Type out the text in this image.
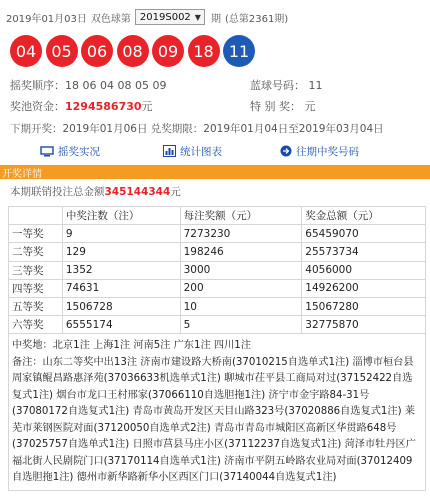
2019年01月03日 双色球第 2019S002 ▼ 期 (总第2361期)
04 05 06 08 09 18 11
摇奖顺序： 18 06 04 08 05 09	蓝球号码： 11
奖池资金： 1294586730 元	特 别 奖： 元
下期开奖：2019年01月06日 兑奖期限：2019年01月04日至2019年03月04日
摇奖实况	统计图表	往期中奖号码
开奖详情
本期联销投注总金额345144344元
	中奖注数（注）	每注奖额（元）	奖金总额（元）
一等奖	9	7273230	65459070
二等奖	129	198246	25573734
三等奖	1352	3000	4056000
四等奖	74631	200	14926200
五等奖	1506728	10	15067280
六等奖	6555174	5	32775870

中奖地：北京1注 上海1注 河南5注 广东1注 四川1注
备注：山东二等奖中出13注 济南市建设路大桥南(37010215自选单式1注) 淄博市桓台县周家镇鲲昌路惠泽苑(37036633机选单式1注) 聊城市茌平县工商局对过(37152422自选复式1注) 烟台市龙口王村邢家(37066110自选胆拖1注) 济宁市金宇路84-31号(37080172自选复式1注) 青岛市黄岛开发区天目山路323号(37020886自选复式1注) 莱芜市莱钢医院对面(37120050自选单式2注) 青岛市青岛市城阳区高新区华贯路648号(37025757自选单式1注) 日照市莒县马庄小区(37112237自选复式1注) 菏泽市牡丹区广福北街人民剧院门口(37170114自选单式1注) 济南市平阴五岭路农业局对面(37012409自选胆拖1注) 德州市新华路新华小区西区门口(37140044自选复式1注)			
